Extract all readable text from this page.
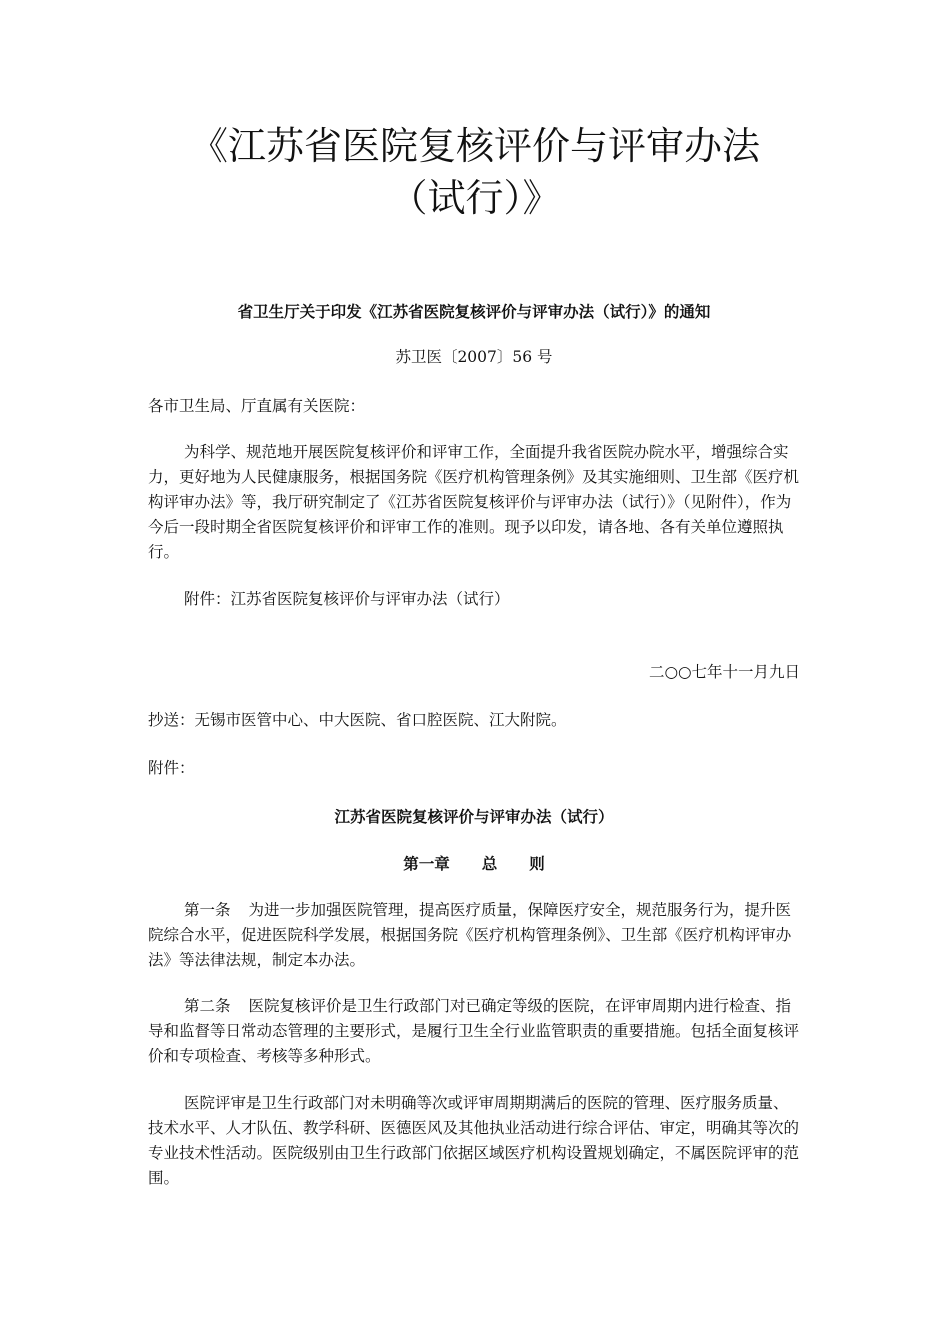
《江苏省医院复核评价与评审办法（试行）》

省卫生厅关于印发《江苏省医院复核评价与评审办法（试行）》的通知

苏卫医〔2007〕56 号

各市卫生局、厅直属有关医院：

为科学、规范地开展医院复核评价和评审工作，全面提升我省医院办院水平，增强综合实力，更好地为人民健康服务，根据国务院《医疗机构管理条例》及其实施细则、卫生部《医疗机构评审办法》等，我厅研究制定了《江苏省医院复核评价与评审办法（试行）》（见附件），作为今后一段时期全省医院复核评价和评审工作的准则。现予以印发，请各地、各有关单位遵照执行。

附件：江苏省医院复核评价与评审办法（试行）

二○○七年十一月九日

抄送：无锡市医管中心、中大医院、省口腔医院、江大附院。

附件：

江苏省医院复核评价与评审办法（试行）

第一章 总 则

第一条 为进一步加强医院管理，提高医疗质量，保障医疗安全，规范服务行为，提升医院综合水平，促进医院科学发展，根据国务院《医疗机构管理条例》、卫生部《医疗机构评审办法》等法律法规，制定本办法。

第二条 医院复核评价是卫生行政部门对已确定等级的医院，在评审周期内进行检查、指导和监督等日常动态管理的主要形式，是履行卫生全行业监管职责的重要措施。包括全面复核评价和专项检查、考核等多种形式。

医院评审是卫生行政部门对未明确等次或评审周期期满后的医院的管理、医疗服务质量、技术水平、人才队伍、教学科研、医德医风及其他执业活动进行综合评估、审定，明确其等次的专业技术性活动。医院级别由卫生行政部门依据区域医疗机构设置规划确定，不属医院评审的范围。
